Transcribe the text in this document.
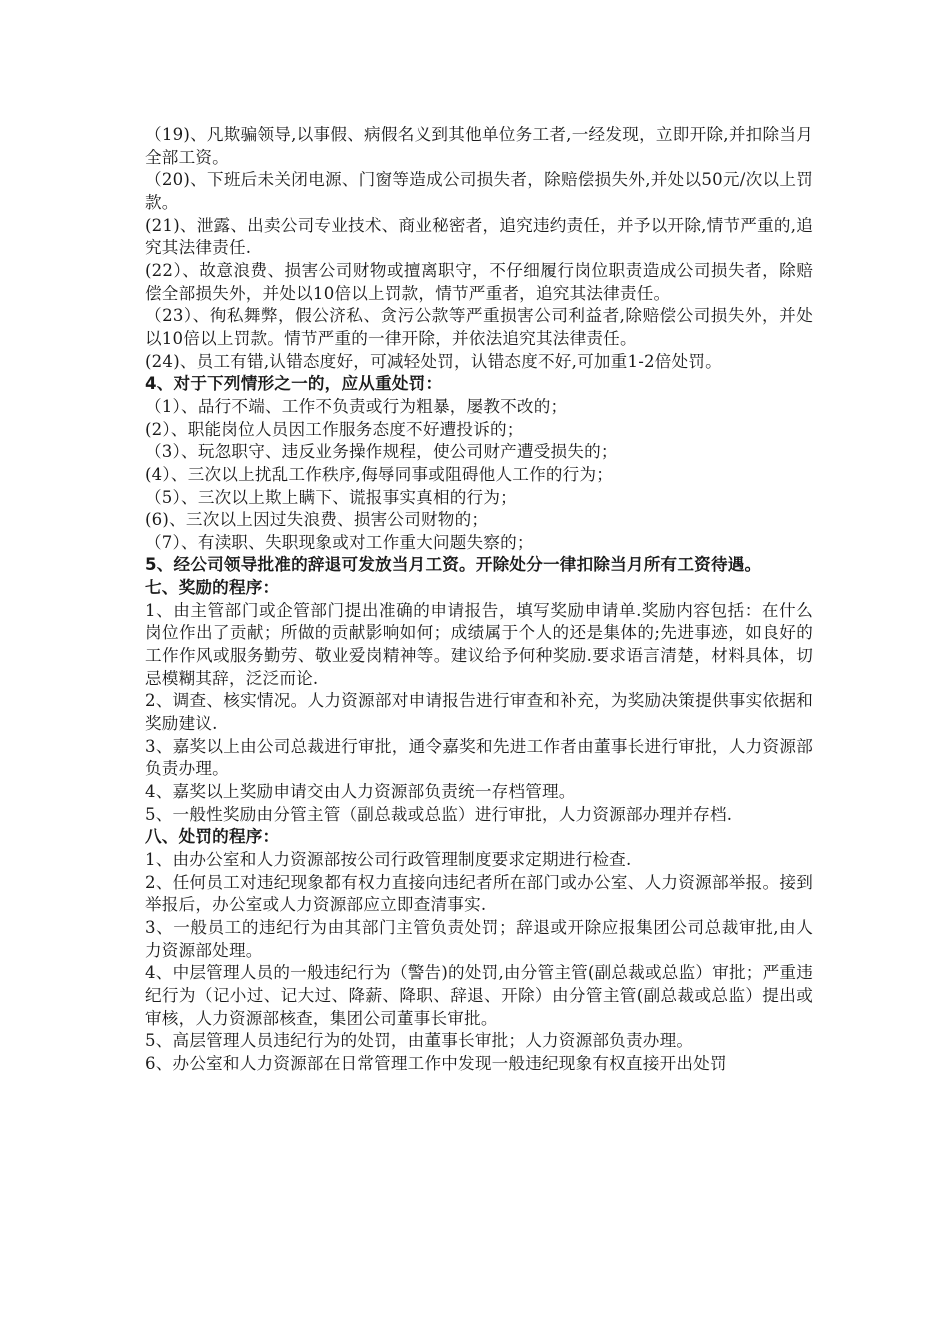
（19)、凡欺骗领导,以事假、病假名义到其他单位务工者,一经发现，立即开除,并扣除当月全部工资。

（20)、下班后未关闭电源、门窗等造成公司损失者，除赔偿损失外,并处以50元/次以上罚款。

(21)、泄露、出卖公司专业技术、商业秘密者，追究违约责任，并予以开除,情节严重的,追究其法律责任.

(22）、故意浪费、损害公司财物或擅离职守，不仔细履行岗位职责造成公司损失者，除赔偿全部损失外，并处以10倍以上罚款，情节严重者，追究其法律责任。

（23）、徇私舞弊，假公济私、贪污公款等严重损害公司利益者,除赔偿公司损失外，并处以10倍以上罚款。情节严重的一律开除，并依法追究其法律责任。

(24)、员工有错,认错态度好，可减轻处罚，认错态度不好,可加重1-2倍处罚。

4、对于下列情形之一的，应从重处罚：

（1）、品行不端、工作不负责或行为粗暴，屡教不改的；

(2）、职能岗位人员因工作服务态度不好遭投诉的；

（3）、玩忽职守、违反业务操作规程，使公司财产遭受损失的；

(4）、三次以上扰乱工作秩序,侮辱同事或阻碍他人工作的行为；

（5）、三次以上欺上瞒下、谎报事实真相的行为；

(6)、三次以上因过失浪费、损害公司财物的；

（7）、有渎职、失职现象或对工作重大问题失察的；

5、经公司领导批准的辞退可发放当月工资。开除处分一律扣除当月所有工资待遇。

七、奖励的程序：

1、由主管部门或企管部门提出准确的申请报告，填写奖励申请单.奖励内容包括：在什么岗位作出了贡献；所做的贡献影响如何；成绩属于个人的还是集体的;先进事迹，如良好的工作作风或服务勤劳、敬业爱岗精神等。建议给予何种奖励.要求语言清楚，材料具体，切忌模糊其辞，泛泛而论.

2、调查、核实情况。人力资源部对申请报告进行审查和补充，为奖励决策提供事实依据和奖励建议.

3、嘉奖以上由公司总裁进行审批，通令嘉奖和先进工作者由董事长进行审批，人力资源部负责办理。

4、嘉奖以上奖励申请交由人力资源部负责统一存档管理。

5、一般性奖励由分管主管（副总裁或总监）进行审批，人力资源部办理并存档.

八、处罚的程序：

1、由办公室和人力资源部按公司行政管理制度要求定期进行检查.

2、任何员工对违纪现象都有权力直接向违纪者所在部门或办公室、人力资源部举报。接到举报后，办公室或人力资源部应立即查清事实.

3、一般员工的违纪行为由其部门主管负责处罚；辞退或开除应报集团公司总裁审批,由人力资源部处理。

4、中层管理人员的一般违纪行为（警告)的处罚,由分管主管(副总裁或总监）审批；严重违纪行为（记小过、记大过、降薪、降职、辞退、开除）由分管主管(副总裁或总监）提出或审核，人力资源部核查，集团公司董事长审批。

5、高层管理人员违纪行为的处罚，由董事长审批；人力资源部负责办理。

6、办公室和人力资源部在日常管理工作中发现一般违纪现象有权直接开出处罚
